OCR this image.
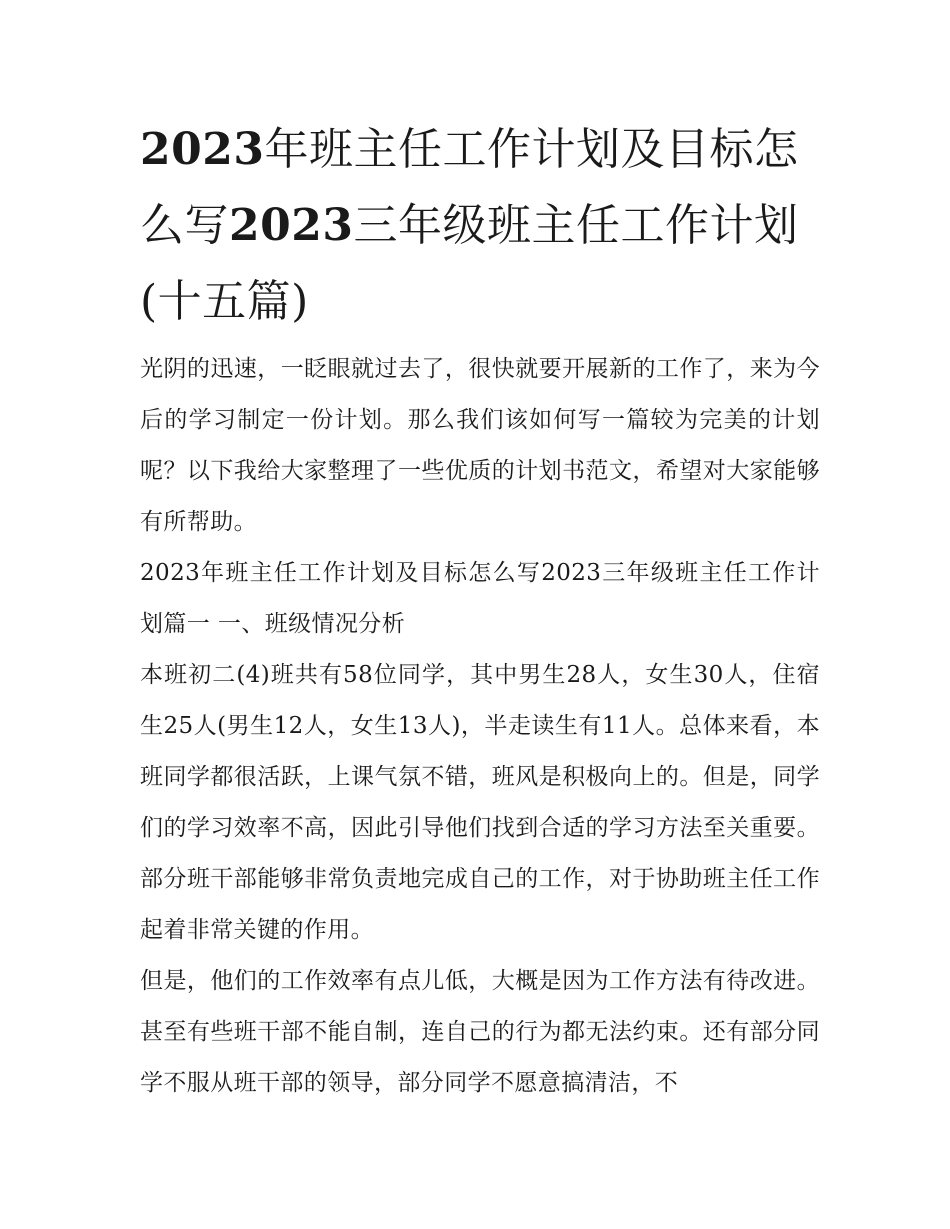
2023年班主任工作计划及目标怎么写2023三年级班主任工作计划(十五篇)

光阴的迅速，一眨眼就过去了，很快就要开展新的工作了，来为今后的学习制定一份计划。那么我们该如何写一篇较为完美的计划呢？以下我给大家整理了一些优质的计划书范文，希望对大家能够有所帮助。

2023年班主任工作计划及目标怎么写2023三年级班主任工作计划篇一 一、班级情况分析

本班初二(4)班共有58位同学，其中男生28人，女生30人，住宿生25人(男生12人，女生13人)，半走读生有11人。总体来看，本班同学都很活跃，上课气氛不错，班风是积极向上的。但是，同学们的学习效率不高，因此引导他们找到合适的学习方法至关重要。部分班干部能够非常负责地完成自己的工作，对于协助班主任工作起着非常关键的作用。

但是，他们的工作效率有点儿低，大概是因为工作方法有待改进。甚至有些班干部不能自制，连自己的行为都无法约束。还有部分同学不服从班干部的领导，部分同学不愿意搞清洁，不
